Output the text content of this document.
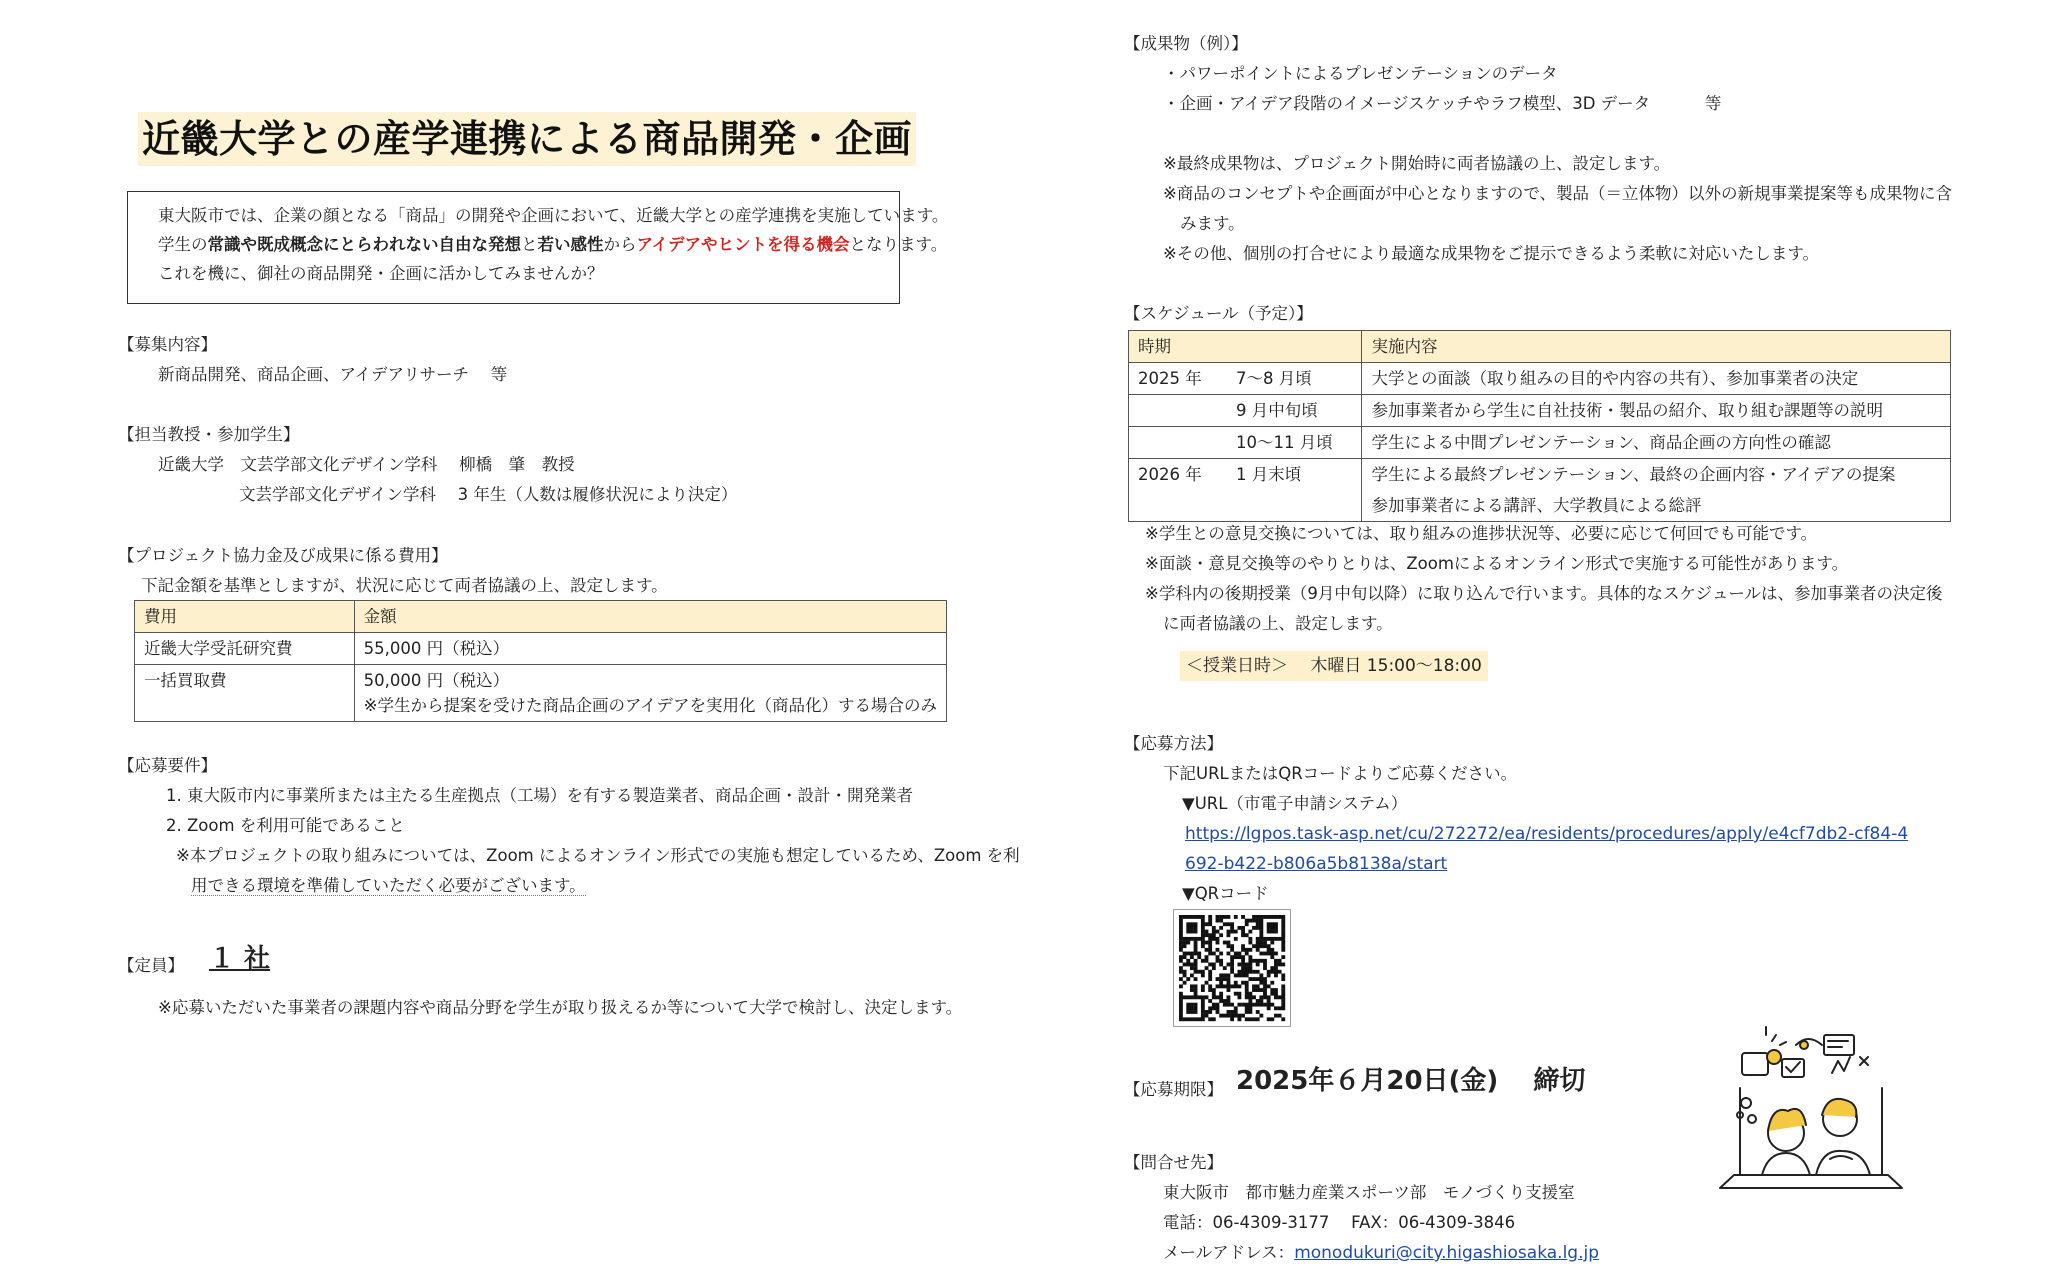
近畿大学との産学連携による商品開発・企画
東大阪市では、企業の顔となる「商品」の開発や企画において、近畿大学との産学連携を実施しています。
学生の常識や既成概念にとらわれない自由な発想と若い感性からアイデアやヒントを得る機会となります。
これを機に、御社の商品開発・企画に活かしてみませんか？
【募集内容】
新商品開発、商品企画、アイデアリサーチ　 等
【担当教授・参加学生】
近畿大学　文芸学部文化デザイン学科　 柳橋　肇　教授
文芸学部文化デザイン学科　 3 年生（人数は履修状況により決定）
【プロジェクト協力金及び成果に係る費用】
下記金額を基準としますが、状況に応じて両者協議の上、設定します。
費用	金額
近畿大学受託研究費	55,000 円（税込）
一括買取費	50,000 円（税込）
※学生から提案を受けた商品企画のアイデアを実用化（商品化）する場合のみ
【応募要件】
1. 東大阪市内に事業所または主たる生産拠点（工場）を有する製造業者、商品企画・設計・開発業者
2. Zoom を利用可能であること
※本プロジェクトの取り組みについては、Zoom によるオンライン形式での実施も想定しているため、Zoom を利
用できる環境を準備していただく必要がございます。
【定員】 １ 社
※応募いただいた事業者の課題内容や商品分野を学生が取り扱えるか等について大学で検討し、決定します。
【成果物（例）】
・パワーポイントによるプレゼンテーションのデータ
・企画・アイデア段階のイメージスケッチやラフ模型、3D データ　　　 等
※最終成果物は、プロジェクト開始時に両者協議の上、設定します。
※商品のコンセプトや企画面が中心となりますので、製品（＝立体物）以外の新規事業提案等も成果物に含
みます。
※その他、個別の打合せにより最適な成果物をご提示できるよう柔軟に対応いたします。
【スケジュール（予定）】
時期		実施内容
2025 年	7～8 月頃	大学との面談（取り組みの目的や内容の共有）、参加事業者の決定
	9 月中旬頃	参加事業者から学生に自社技術・製品の紹介、取り組む課題等の説明
	10～11 月頃	学生による中間プレゼンテーション、商品企画の方向性の確認
2026 年	1 月末頃	学生による最終プレゼンテーション、最終の企画内容・アイデアの提案
		参加事業者による講評、大学教員による総評
※学生との意見交換については、取り組みの進捗状況等、必要に応じて何回でも可能です。
※面談・意見交換等のやりとりは、Zoomによるオンライン形式で実施する可能性があります。
※学科内の後期授業（9月中旬以降）に取り込んで行います。具体的なスケジュールは、参加事業者の決定後
に両者協議の上、設定します。
＜授業日時＞　 木曜日 15:00～18:00
【応募方法】
下記URLまたはQRコードよりご応募ください。
▼URL（市電子申請システム）
https://lgpos.task-asp.net/cu/272272/ea/residents/procedures/apply/e4cf7db2-cf84-4
692-b422-b806a5b8138a/start
▼QRコード
【応募期限】 2025年６月20日(金)　 締切
【問合せ先】
東大阪市　都市魅力産業スポーツ部　モノづくり支援室
電話：06-4309-3177　 FAX：06-4309-3846
メールアドレス：monodukuri@city.higashiosaka.lg.jp
